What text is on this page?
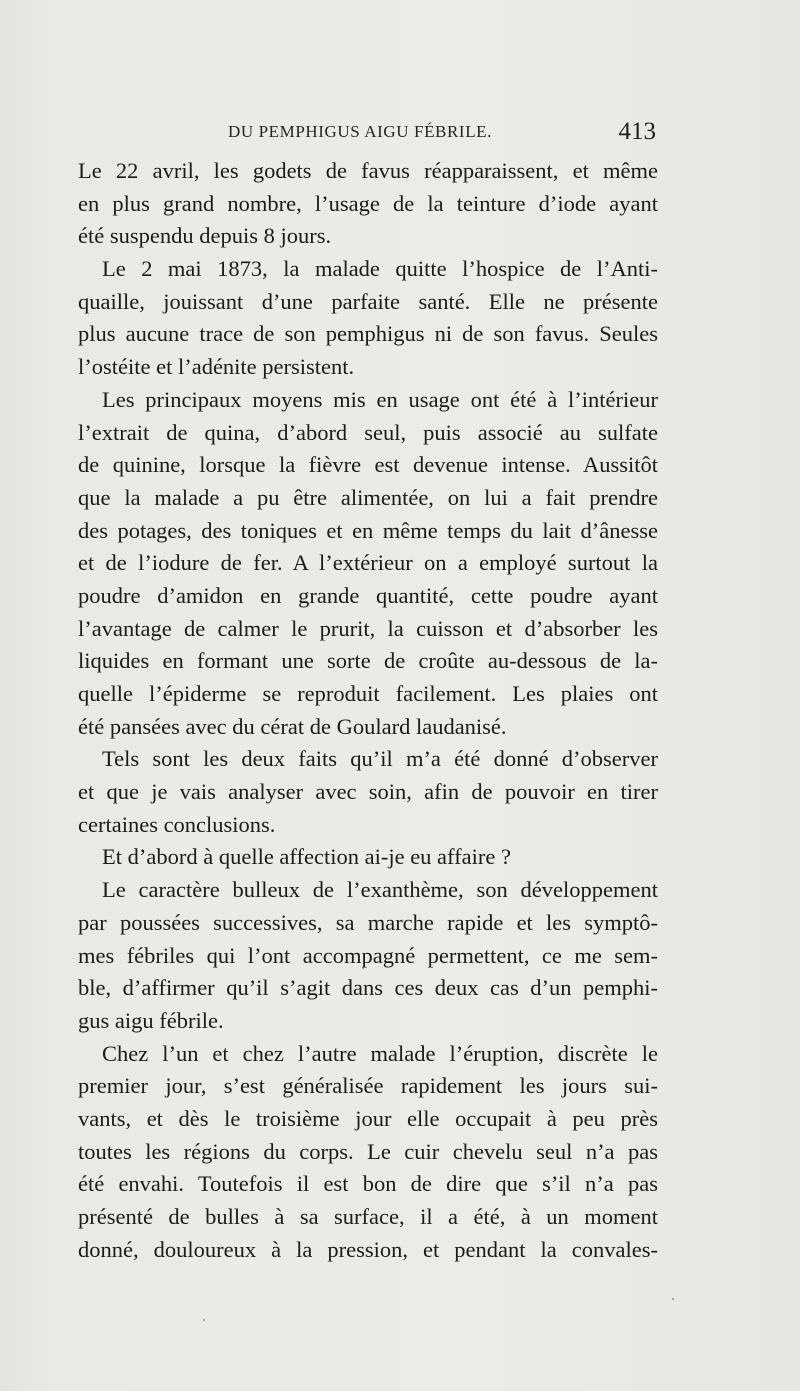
DU PEMPHIGUS AIGU FÉBRILE.	413
Le 22 avril, les godets de favus réapparaissent, et même
en plus grand nombre, l’usage de la teinture d’iode ayant
été suspendu depuis 8 jours.
Le 2 mai 1873, la malade quitte l’hospice de l’Anti-
quaille, jouissant d’une parfaite santé. Elle ne présente
plus aucune trace de son pemphigus ni de son favus. Seules
l’ostéite et l’adénite persistent.
Les principaux moyens mis en usage ont été à l’intérieur
l’extrait de quina, d’abord seul, puis associé au sulfate
de quinine, lorsque la fièvre est devenue intense. Aussitôt
que la malade a pu être alimentée, on lui a fait prendre
des potages, des toniques et en même temps du lait d’ânesse
et de l’iodure de fer. A l’extérieur on a employé surtout la
poudre d’amidon en grande quantité, cette poudre ayant
l’avantage de calmer le prurit, la cuisson et d’absorber les
liquides en formant une sorte de croûte au-dessous de la-
quelle l’épiderme se reproduit facilement. Les plaies ont
été pansées avec du cérat de Goulard laudanisé.
Tels sont les deux faits qu’il m’a été donné d’observer
et que je vais analyser avec soin, afin de pouvoir en tirer
certaines conclusions.
Et d’abord à quelle affection ai-je eu affaire ?
Le caractère bulleux de l’exanthème, son développement
par poussées successives, sa marche rapide et les symptô-
mes fébriles qui l’ont accompagné permettent, ce me sem-
ble, d’affirmer qu’il s’agit dans ces deux cas d’un pemphi-
gus aigu fébrile.
Chez l’un et chez l’autre malade l’éruption, discrète le
premier jour, s’est généralisée rapidement les jours sui-
vants, et dès le troisième jour elle occupait à peu près
toutes les régions du corps. Le cuir chevelu seul n’a pas
été envahi. Toutefois il est bon de dire que s’il n’a pas
présenté de bulles à sa surface, il a été, à un moment
donné, douloureux à la pression, et pendant la convales-
